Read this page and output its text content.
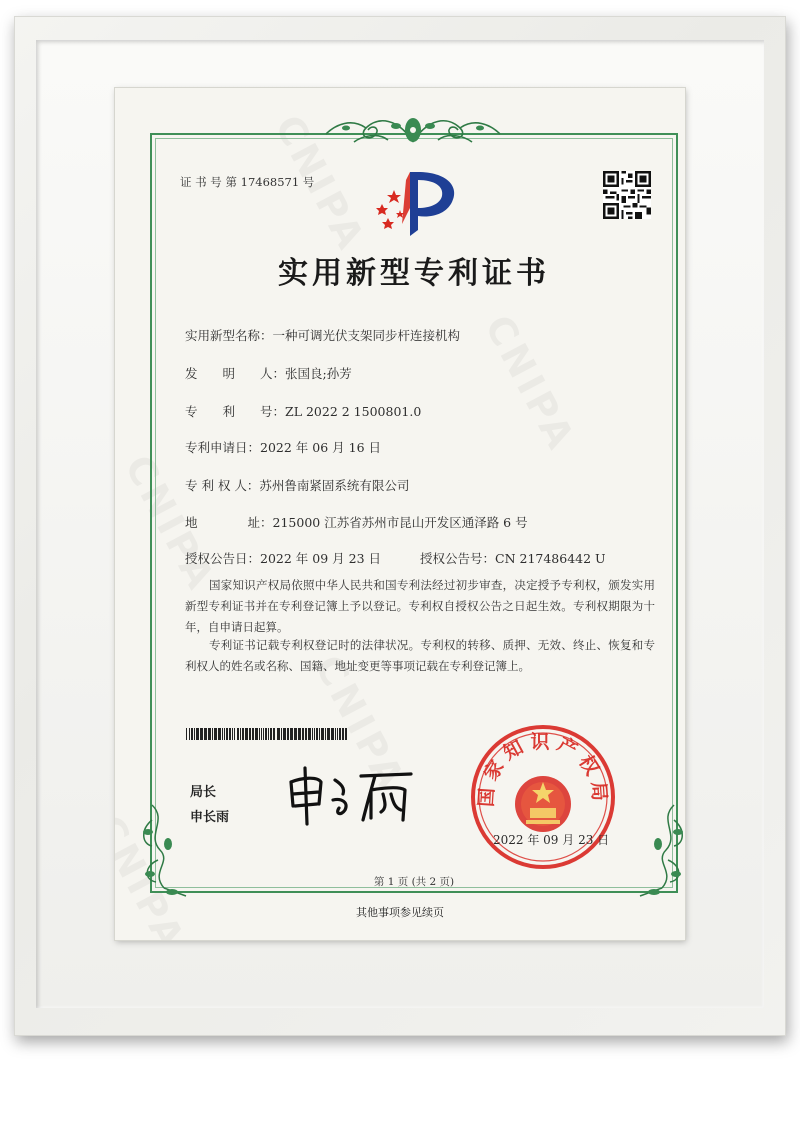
证 书 号 第 17468571 号
实用新型专利证书
实用新型名称：一种可调光伏支架同步杆连接机构
发　　明　　人：张国良;孙芳
专　　利　　号：ZL 2022 2 1500801.0
专利申请日：2022 年 06 月 16 日
专 利 权 人：苏州鲁南紧固系统有限公司
地　　　　址：215000 江苏省苏州市昆山开发区通泽路 6 号
授权公告日：2022 年 09 月 23 日	授权公告号：CN 217486442 U
国家知识产权局依照中华人民共和国专利法经过初步审查，决定授予专利权，颁发实用新型专利证书并在专利登记簿上予以登记。专利权自授权公告之日起生效。专利权期限为十年，自申请日起算。
专利证书记载专利权登记时的法律状况。专利权的转移、质押、无效、终止、恢复和专利权人的姓名或名称、国籍、地址变更等事项记载在专利登记簿上。
局长
申长雨
国家知识产权局
2022 年 09 月 23 日
第 1 页 (共 2 页)
其他事项参见续页
